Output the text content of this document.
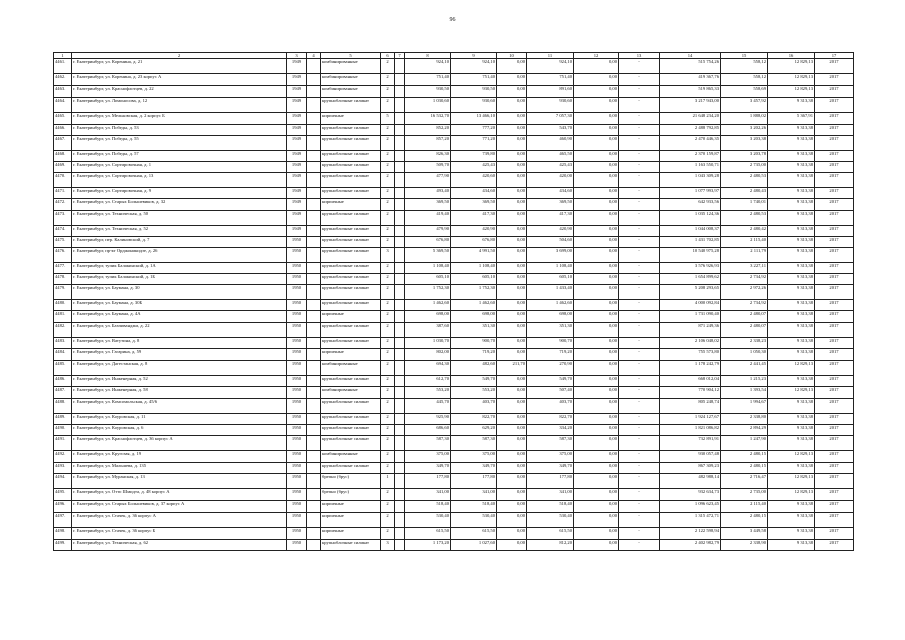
96
1	2	3	4	5	6	7	8	9	10	11	12	13	14	15	16	17
4461.	г. Екатеринбург, ул. Коренина, д. 21	1949		комбинированные	2		924,10	924,10	0,00	924,10	0,00	-	515 754,26	558,12	12 829,13	2017
4462.	г. Екатеринбург, ул. Коренина, д. 23 корпус А	1949		комбинированные	2		751,40	751,40	0,00	751,40	0,00	-	419 367,76	558,12	12 829,13	2017
4463.	г. Екатеринбург, ул. Краснофлотцев, д. 22	1949		комбинированные	2		930,50	930,50	0,00	891,60	0,00	-	519 865,33	558,69	12 829,13	2017
4464.	г. Екатеринбург, ул. Ломоносова, д. 12	1949		крупноблочные силикат	2		1 030,60	930,60	0,00	930,60	0,00	-	3 217 943,00	3 457,92	9 313,38	2017
4465.	г. Екатеринбург, ул. Мельковская, д. 2 корпус Б	1949		кирпичные	5		16 532,70	13 466,10	0,00	7 057,30	0,00	-	21 648 234,20	1 888,02	5 367,91	2017
4466.	г. Екатеринбург, ул. Победы, д. 53	1949		крупноблочные силикат	2		852,20	777,20	0,00	543,70	0,00	-	2 488 792,85	3 202,26	9 313,38	2017
4467.	г. Екатеринбург, ул. Победы, д. 55	1949		крупноблочные силикат	2		857,20	771,20	0,00	460,90	0,00	-	2 470 446,35	3 203,38	9 313,38	2017
4468.	г. Екатеринбург, ул. Победы, д. 57	1949		крупноблочные силикат	2		826,30	739,80	0,00	465,50	0,00	-	2 370 159,87	3 203,78	9 313,38	2017
4469.	г. Екатеринбург, ул. Сортировочная, д. 1	1949		крупноблочные силикат	2		509,70	425,43	0,00	425,43	0,00	-	1 163 550,71	2 735,00	9 313,38	2017
4470.	г. Екатеринбург, ул. Сортировочная, д. 13	1949		крупноблочные силикат	2		477,90	420,60	0,00	420,00	0,00	-	1 043 309,28	2 480,53	9 313,38	2017
4471.	г. Екатеринбург, ул. Сортировочная, д. 9	1949		крупноблочные силикат	2		493,40	434,60	0,00	434,60	0,00	-	1 077 993,97	2 480,43	9 313,38	2017
4472.	г. Екатеринбург, ул. Старых Большевиков, д. 32	1949		кирпичные	2		369,50	369,50	0,00	369,50	0,00	-	642 933,56	1 740,01	9 313,38	2017
4473.	г. Екатеринбург, ул. Техническая, д. 50	1949		крупноблочные силикат	2		419,40	417,30	0,00	417,30	0,00	-	1 035 124,36	2 480,53	9 313,38	2017
4474.	г. Екатеринбург, ул. Техническая, д. 52	1949		крупноблочные силикат	2		479,90	420,90	0,00	420,90	0,00	-	1 044 008,37	2 480,42	9 313,38	2017
4475.	г. Екатеринбург, пер. Калиновский, д. 7	1950		крупноблочные силикат	2		676,80	676,80	0,00	504,60	0,00	-	1 431 702,85	2 115,40	9 313,38	2017
4476.	г. Екатеринбург, пр-кт Орджоникидзе, д. 26	1950		крупноблочные силикат	3		5 369,50	4 991,50	0,00	3 699,00	0,00	-	10 540 975,28	2 111,79	9 313,38	2017
4477.	г. Екатеринбург, тупик Балакинский, д. 1А	1950		крупноблочные силикат	2		1 108,40	1 108,40	0,00	1 108,40	0,00	-	3 576 926,93	3 227,11	9 313,38	2017
4478.	г. Екатеринбург, тупик Балакинский, д. 1Б	1950		крупноблочные силикат	2		605,10	605,10	0,00	605,10	0,00	-	1 654 899,62	2 734,92	9 313,38	2017
4479.	г. Екатеринбург, ул. Баумана, д. 30	1950		крупноблочные силикат	2		1 752,30	1 752,30	0,00	1 433,40	0,00	-	5 208 293,65	2 972,26	9 313,38	2017
4480.	г. Екатеринбург, ул. Баумана, д. 30Б	1950		крупноблочные силикат	2		1 462,60	1 462,60	0,00	1 462,60	0,00	-	4 000 092,84	2 734,92	9 313,38	2017
4481.	г. Екатеринбург, ул. Баумана, д. 4А	1950		кирпичные	2		698,00	698,00	0,00	698,00	0,00	-	1 731 090,40	2 480,07	9 313,38	2017
4482.	г. Екатеринбург, ул. Бахчиванджи, д. 22	1950		крупноблочные силикат	2		387,60	351,30	0,00	351,30	0,00	-	871 249,36	2 480,07	9 313,38	2017
4483.	г. Екатеринбург, ул. Ватутина, д. 8	1950		крупноблочные силикат	2		1 030,70	900,70	0,00	900,70	0,00	-	2 106 048,02	2 338,23	9 313,38	2017
4484.	г. Екатеринбург, ул. Гагарина, д. 59	1950		кирпичные	2		802,00	719,20	0,00	719,20	0,00	-	755 573,80	1 050,30	9 313,38	2017
4485.	г. Екатеринбург, ул. Дагестанская, д. 8	1950		комбинированные	2		694,30	482,60	211,70	270,90	0,00	-	1 178 242,79	2 441,45	12 829,13	2017
4486.	г. Екатеринбург, ул. Инженерная, д. 52	1950		крупноблочные силикат	2		612,70	549,70	0,00	549,70	0,00	-	668 012,04	1 215,23	9 313,38	2017
4487.	г. Екатеринбург, ул. Инженерная, д. 58	1950		комбинированные	2		553,20	553,20	0,00	507,40	0,00	-	770 904,12	1 393,54	12 829,13	2017
4488.	г. Екатеринбург, ул. Комсомольская, д. 45/6	1950		крупноблочные силикат	2		445,70	403,70	0,00	403,70	0,00	-	805 248,74	1 994,67	9 313,38	2017
4489.	г. Екатеринбург, ул. Коуровская, д. 11	1950		крупноблочные силикат	2		925,90	822,70	0,00	822,70	0,00	-	1 924 127,67	2 338,80	9 313,38	2017
4490.	г. Екатеринбург, ул. Коуровская, д. 6	1950		крупноблочные силикат	2		686,60	629,20	0,00	334,20	0,00	-	1 821 086,82	2 894,29	9 313,38	2017
4491.	г. Екатеринбург, ул. Краснофлотцев, д. 36 корпус А	1950		крупноблочные силикат	2		587,30	587,30	0,00	587,30	0,00	-	732 891,91	1 247,90	9 313,38	2017
4492.	г. Екатеринбург, ул. Кругозая, д. 19	1950		комбинированные	2		375,00	375,00	0,00	375,00	0,00	-	930 057,48	2 480,15	12 829,13	2017
4493.	г. Екатеринбург, ул. Мальшева, д. 135	1950		крупноблочные силикат	2		349,70	349,70	0,00	349,70	0,00	-	867 309,23	2 480,15	9 313,38	2017
4494.	г. Екатеринбург, ул. Муранская, д. 13	1950		брепно (брус)	1		177,80	177,80	0,00	177,80	0,00	-	482 988,14	2 716,47	12 829,13	2017
4495.	г. Екатеринбург, ул. Отто Шмидта, д. 48 корпус А	1950		брепно (брус)	2		341,00	341,00	0,00	341,00	0,00	-	932 634,73	2 735,00	12 829,13	2017
4496.	г. Екатеринбург, ул. Старых Большевиков, д. 37 корпус А	1950		кирпичные	2		518,40	518,40	0,00	518,40	0,00	-	1 096 623,45	2 115,40	9 313,38	2017
4497.	г. Екатеринбург, ул. Стачек, д. 36 корпус А	1950		кирпичные	2		530,40	530,40	0,00	530,40	0,00	-	1 315 472,71	2 480,15	9 313,38	2017
4498.	г. Екатеринбург, ул. Стачек, д. 36 корпус Б	1950		кирпичные	2		615,50	615,50	0,00	615,50	0,00	-	2 122 598,94	3 449,58	9 313,38	2017
4499.	г. Екатеринбург, ул. Техническая, д. 62	1950		крупноблочные силикат	3		1 173,20	1 027,60	0,00	812,20	0,00	-	2 402 982,79	2 338,90	9 313,38	2017
